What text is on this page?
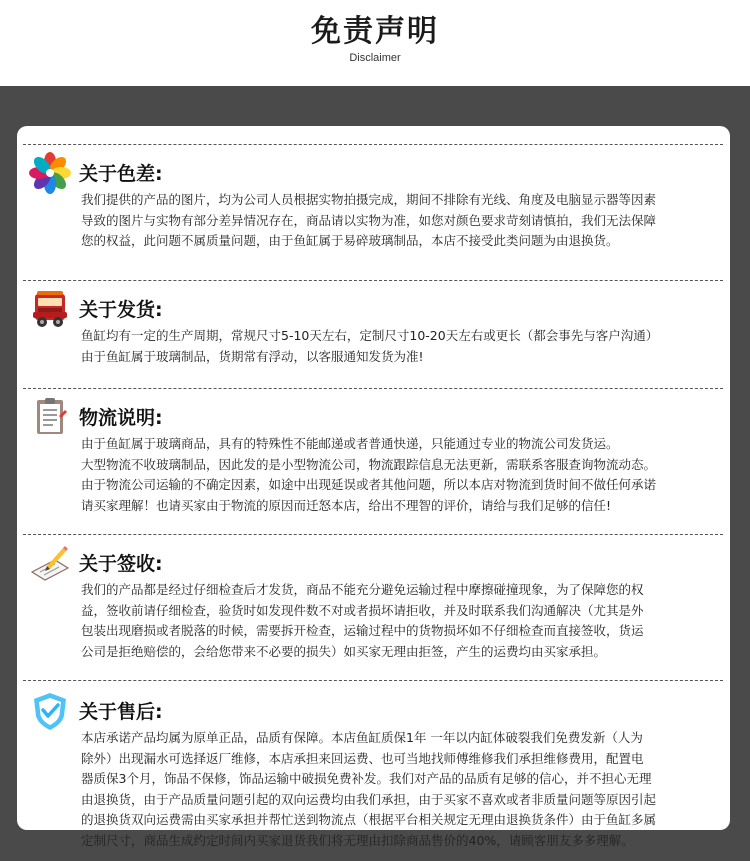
免责声明
Disclaimer
关于色差:
我们提供的产品的图片，均为公司人员根据实物拍摄完成，期间不排除有光线、角度及电脑显示器等因素
导致的图片与实物有部分差异情况存在，商品请以实物为准，如您对颜色要求苛刻请慎拍，我们无法保障
您的权益，此问题不属质量问题，由于鱼缸属于易碎玻璃制品，本店不接受此类问题为由退换货。
关于发货:
鱼缸均有一定的生产周期，常规尺寸5-10天左右，定制尺寸10-20天左右或更长（都会事先与客户沟通）
由于鱼缸属于玻璃制品，货期常有浮动，以客服通知发货为准!
物流说明:
由于鱼缸属于玻璃商品，具有的特殊性不能邮递或者普通快递，只能通过专业的物流公司发货运。
大型物流不收玻璃制品，因此发的是小型物流公司，物流跟踪信息无法更新，需联系客服查询物流动态。
由于物流公司运输的不确定因素，如途中出现延误或者其他问题，所以本店对物流到货时间不做任何承诺
请买家理解！也请买家由于物流的原因而迁怒本店，给出不理智的评价，请给与我们足够的信任!
关于签收:
我们的产品都是经过仔细检查后才发货，商品不能充分避免运输过程中摩擦碰撞现象，为了保障您的权
益，签收前请仔细检查，验货时如发现件数不对或者损坏请拒收，并及时联系我们沟通解决（尤其是外
包装出现磨损或者脱落的时候，需要拆开检查，运输过程中的货物损坏如不仔细检查而直接签收，货运
公司是拒绝赔偿的，会给您带来不必要的损失）如买家无理由拒签，产生的运费均由买家承担。
关于售后:
本店承诺产品均属为原单正品，品质有保障。本店鱼缸质保1年 一年以内缸体破裂我们免费发新（人为
除外）出现漏水可选择返厂维修，本店承担来回运费、也可当地找师傅维修我们承担维修费用，配置电
器质保3个月，饰品不保修，饰品运输中破损免费补发。我们对产品的品质有足够的信心，并不担心无理
由退换货，由于产品质量问题引起的双向运费均由我们承担，由于买家不喜欢或者非质量问题等原因引起
的退换货双向运费需由买家承担并帮忙送到物流点（根据平台相关规定无理由退换货条件）由于鱼缸多属
定制尺寸，商品生成约定时间内买家退货我们将无理由扣除商品售价的40%，请顾客朋友多多理解。
